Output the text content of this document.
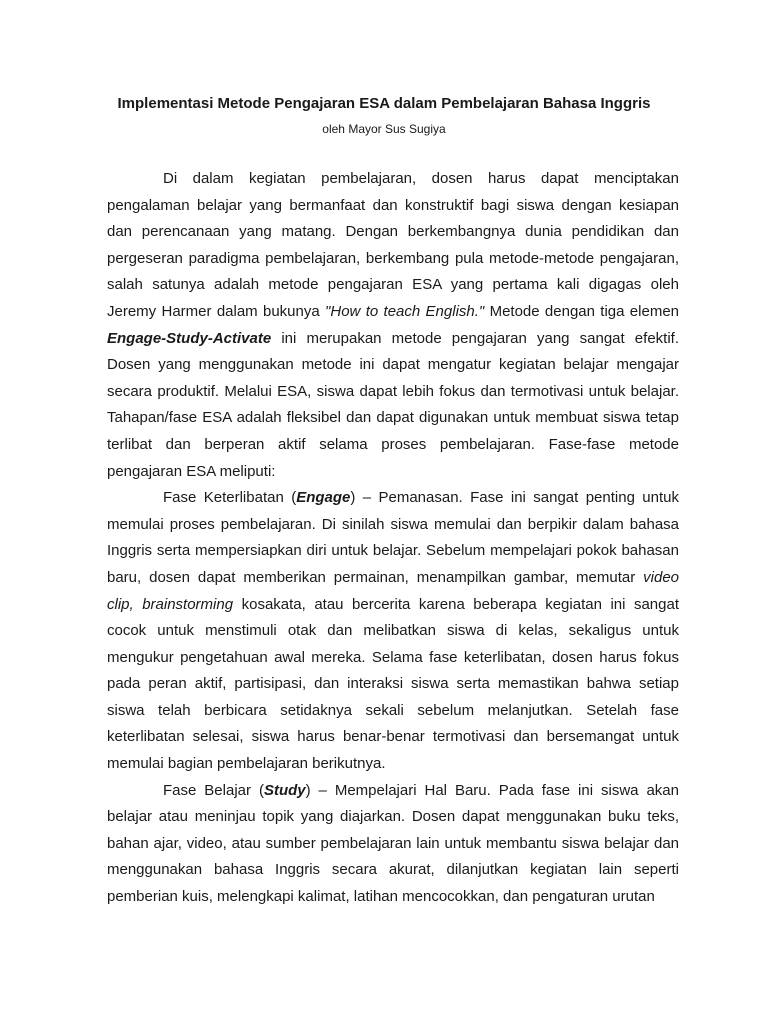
Implementasi Metode Pengajaran ESA dalam Pembelajaran Bahasa Inggris
oleh Mayor Sus Sugiya

Di dalam kegiatan pembelajaran, dosen harus dapat menciptakan pengalaman belajar yang bermanfaat dan konstruktif bagi siswa dengan kesiapan dan perencanaan yang matang. Dengan berkembangnya dunia pendidikan dan pergeseran paradigma pembelajaran, berkembang pula metode-metode pengajaran, salah satunya adalah metode pengajaran ESA yang pertama kali digagas oleh Jeremy Harmer dalam bukunya "How to teach English." Metode dengan tiga elemen Engage-Study-Activate ini merupakan metode pengajaran yang sangat efektif. Dosen yang menggunakan metode ini dapat mengatur kegiatan belajar mengajar secara produktif. Melalui ESA, siswa dapat lebih fokus dan termotivasi untuk belajar. Tahapan/fase ESA adalah fleksibel dan dapat digunakan untuk membuat siswa tetap terlibat dan berperan aktif selama proses pembelajaran. Fase-fase metode pengajaran ESA meliputi:

Fase Keterlibatan (Engage) – Pemanasan. Fase ini sangat penting untuk memulai proses pembelajaran. Di sinilah siswa memulai dan berpikir dalam bahasa Inggris serta mempersiapkan diri untuk belajar. Sebelum mempelajari pokok bahasan baru, dosen dapat memberikan permainan, menampilkan gambar, memutar video clip, brainstorming kosakata, atau bercerita karena beberapa kegiatan ini sangat cocok untuk menstimuli otak dan melibatkan siswa di kelas, sekaligus untuk mengukur pengetahuan awal mereka. Selama fase keterlibatan, dosen harus fokus pada peran aktif, partisipasi, dan interaksi siswa serta memastikan bahwa setiap siswa telah berbicara setidaknya sekali sebelum melanjutkan. Setelah fase keterlibatan selesai, siswa harus benar-benar termotivasi dan bersemangat untuk memulai bagian pembelajaran berikutnya.

Fase Belajar (Study) – Mempelajari Hal Baru. Pada fase ini siswa akan belajar atau meninjau topik yang diajarkan. Dosen dapat menggunakan buku teks, bahan ajar, video, atau sumber pembelajaran lain untuk membantu siswa belajar dan menggunakan bahasa Inggris secara akurat, dilanjutkan kegiatan lain seperti pemberian kuis, melengkapi kalimat, latihan mencocokkan, dan pengaturan urutan
